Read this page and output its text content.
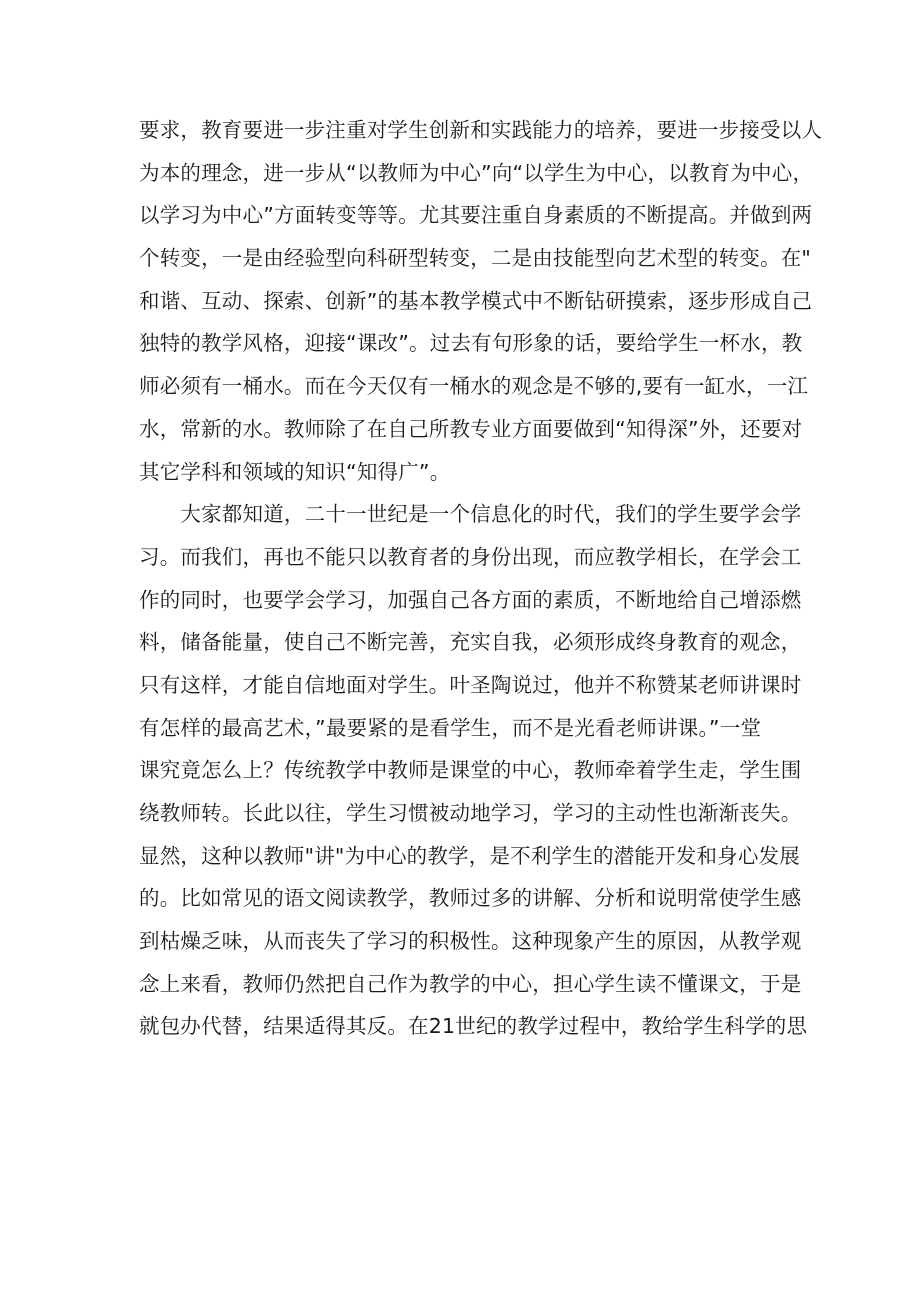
要求，教育要进一步注重对学生创新和实践能力的培养，要进一步接受以人
为本的理念，进一步从“以教师为中心”向“以学生为中心，以教育为中心，
以学习为中心”方面转变等等。尤其要注重自身素质的不断提高。并做到两
个转变，一是由经验型向科研型转变，二是由技能型向艺术型的转变。在"
和谐、互动、探索、创新”的基本教学模式中不断钻研摸索，逐步形成自己
独特的教学风格，迎接“课改”。过去有句形象的话，要给学生一杯水，教
师必须有一桶水。而在今天仅有一桶水的观念是不够的,要有一缸水，一江
水，常新的水。教师除了在自己所教专业方面要做到“知得深”外，还要对
其它学科和领域的知识“知得广”。
　　大家都知道，二十一世纪是一个信息化的时代，我们的学生要学会学
习。而我们，再也不能只以教育者的身份出现，而应教学相长，在学会工
作的同时，也要学会学习，加强自己各方面的素质，不断地给自己增添燃
料，储备能量，使自己不断完善，充实自我，必须形成终身教育的观念，
只有这样，才能自信地面对学生。叶圣陶说过，他并不称赞某老师讲课时
有怎样的最高艺术，”最要紧的是看学生，而不是光看老师讲课。”一堂
课究竟怎么上？传统教学中教师是课堂的中心，教师牵着学生走，学生围
绕教师转。长此以往，学生习惯被动地学习，学习的主动性也渐渐丧失。
显然，这种以教师"讲"为中心的教学，是不利学生的潜能开发和身心发展
的。比如常见的语文阅读教学，教师过多的讲解、分析和说明常使学生感
到枯燥乏味，从而丧失了学习的积极性。这种现象产生的原因，从教学观
念上来看，教师仍然把自己作为教学的中心，担心学生读不懂课文，于是
就包办代替，结果适得其反。在21世纪的教学过程中，教给学生科学的思
